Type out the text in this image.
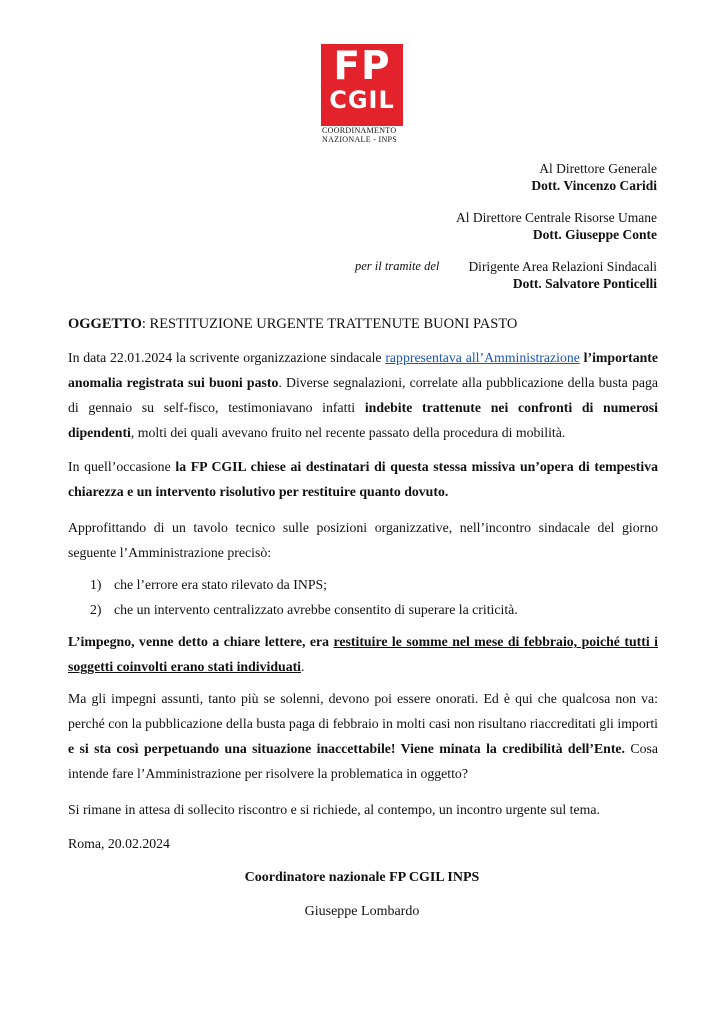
FP
CGIL
COORDINAMENTO
NAZIONALE - INPS
Al Direttore Generale
Dott. Vincenzo Caridi
Al Direttore Centrale Risorse Umane
Dott. Giuseppe Conte
per il tramite del	Dirigente Area Relazioni Sindacali
Dott. Salvatore Ponticelli
OGGETTO: RESTITUZIONE URGENTE TRATTENUTE BUONI PASTO
In data 22.01.2024 la scrivente organizzazione sindacale rappresentava all’Amministrazione l’importante anomalia registrata sui buoni pasto. Diverse segnalazioni, correlate alla pubblicazione della busta paga di gennaio su self-fisco, testimoniavano infatti indebite trattenute nei confronti di numerosi dipendenti, molti dei quali avevano fruito nel recente passato della procedura di mobilità.
In quell’occasione la FP CGIL chiese ai destinatari di questa stessa missiva un’opera di tempestiva chiarezza e un intervento risolutivo per restituire quanto dovuto.
Approfittando di un tavolo tecnico sulle posizioni organizzative, nell’incontro sindacale del giorno seguente l’Amministrazione precisò:
1) che l’errore era stato rilevato da INPS;
2) che un intervento centralizzato avrebbe consentito di superare la criticità.
L’impegno, venne detto a chiare lettere, era restituire le somme nel mese di febbraio, poiché tutti i soggetti coinvolti erano stati individuati.
Ma gli impegni assunti, tanto più se solenni, devono poi essere onorati. Ed è qui che qualcosa non va: perché con la pubblicazione della busta paga di febbraio in molti casi non risultano riaccreditati gli importi e si sta così perpetuando una situazione inaccettabile! Viene minata la credibilità dell’Ente. Cosa intende fare l’Amministrazione per risolvere la problematica in oggetto?
Si rimane in attesa di sollecito riscontro e si richiede, al contempo, un incontro urgente sul tema.
Roma, 20.02.2024
Coordinatore nazionale FP CGIL INPS
Giuseppe Lombardo
